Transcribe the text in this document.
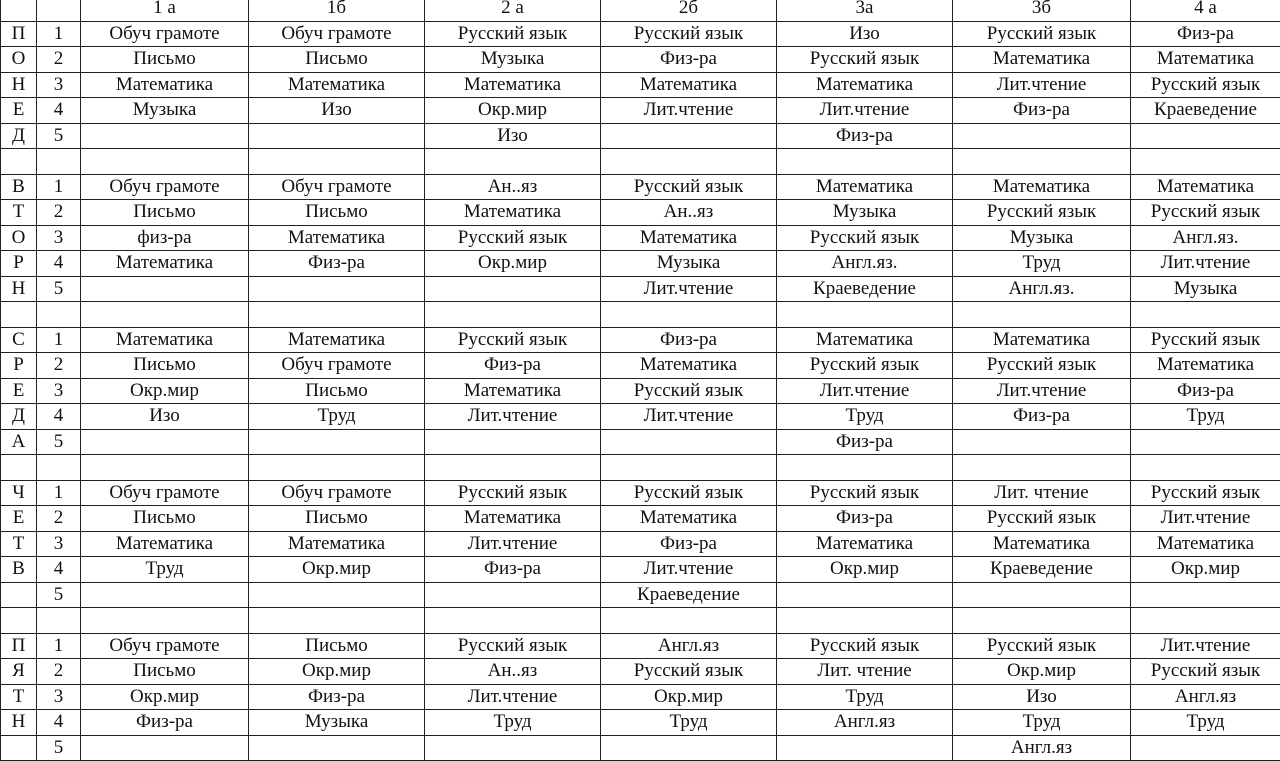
		1 а	1б	2 а	2б	3а	3б	4 а
П	1	Обуч грамоте	Обуч грамоте	Русский язык	Русский язык	Изо	Русский язык	Физ-ра
О	2	Письмо	Письмо	Музыка	Физ-ра	Русский язык	Математика	Математика
Н	3	Математика	Математика	Математика	Математика	Математика	Лит.чтение	Русский язык
Е	4	Музыка	Изо	Окр.мир	Лит.чтение	Лит.чтение	Физ-ра	Краеведение
Д	5			Изо		Физ-ра		

В	1	Обуч грамоте	Обуч грамоте	Ан..яз	Русский язык	Математика	Математика	Математика
Т	2	Письмо	Письмо	Математика	Ан..яз	Музыка	Русский язык	Русский язык
О	3	физ-ра	Математика	Русский язык	Математика	Русский язык	Музыка	Англ.яз.
Р	4	Математика	Физ-ра	Окр.мир	Музыка	Англ.яз.	Труд	Лит.чтение
Н	5				Лит.чтение	Краеведение	Англ.яз.	Музыка

С	1	Математика	Математика	Русский язык	Физ-ра	Математика	Математика	Русский язык
Р	2	Письмо	Обуч грамоте	Физ-ра	Математика	Русский язык	Русский язык	Математика
Е	3	Окр.мир	Письмо	Математика	Русский язык	Лит.чтение	Лит.чтение	Физ-ра
Д	4	Изо	Труд	Лит.чтение	Лит.чтение	Труд	Физ-ра	Труд
А	5					Физ-ра		

Ч	1	Обуч грамоте	Обуч грамоте	Русский язык	Русский язык	Русский язык	Лит. чтение	Русский язык
Е	2	Письмо	Письмо	Математика	Математика	Физ-ра	Русский язык	Лит.чтение
Т	3	Математика	Математика	Лит.чтение	Физ-ра	Математика	Математика	Математика
В	4	Труд	Окр.мир	Физ-ра	Лит.чтение	Окр.мир	Краеведение	Окр.мир
	5				Краеведение			

П	1	Обуч грамоте	Письмо	Русский язык	Англ.яз	Русский язык	Русский язык	Лит.чтение
Я	2	Письмо	Окр.мир	Ан..яз	Русский язык	Лит. чтение	Окр.мир	Русский язык
Т	3	Окр.мир	Физ-ра	Лит.чтение	Окр.мир	Труд	Изо	Англ.яз
Н	4	Физ-ра	Музыка	Труд	Труд	Англ.яз	Труд	Труд
	5						Англ.яз	
